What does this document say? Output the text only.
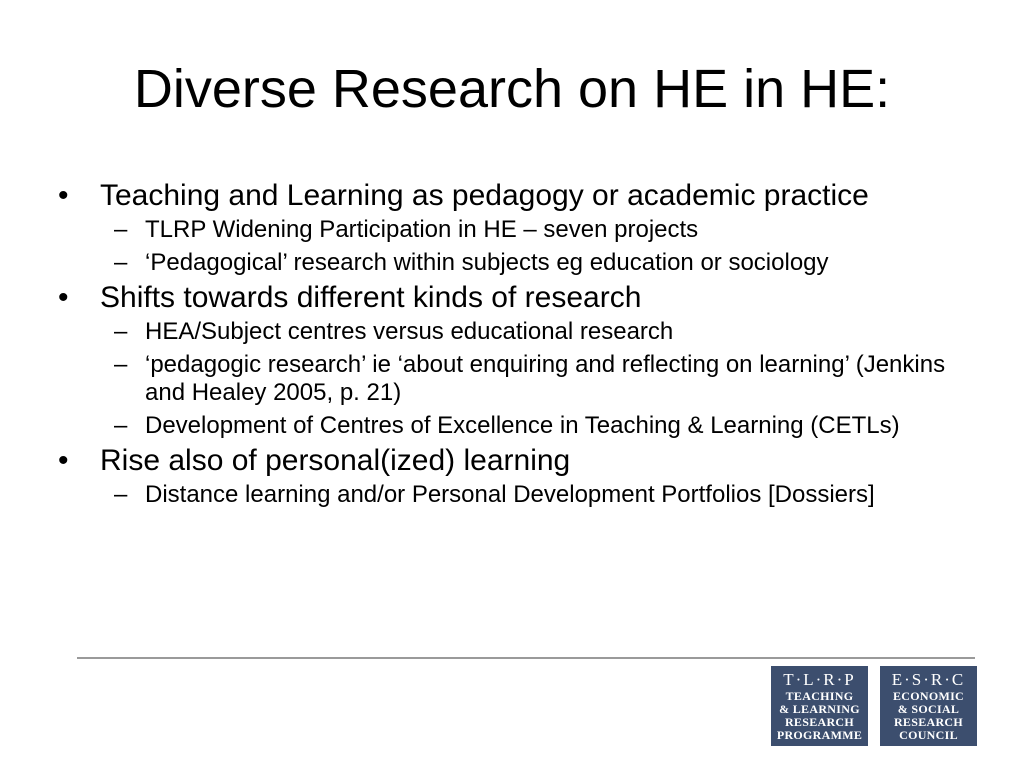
Diverse Research on HE in HE:
•	Teaching and Learning as pedagogy or academic practice
– TLRP Widening Participation in HE – seven projects
– ‘Pedagogical’ research within subjects eg education or sociology
•	Shifts towards different kinds of research
– HEA/Subject centres versus educational research
– ‘pedagogic research’ ie ‘about enquiring and reflecting on learning’ (Jenkins and Healey 2005, p. 21)
– Development of Centres of Excellence in Teaching & Learning (CETLs)
•	Rise also of personal(ized) learning
– Distance learning and/or Personal Development Portfolios [Dossiers]
T·L·R·P
TEACHING
& LEARNING
RESEARCH
PROGRAMME
E·S·R·C
ECONOMIC
& SOCIAL
RESEARCH
COUNCIL
